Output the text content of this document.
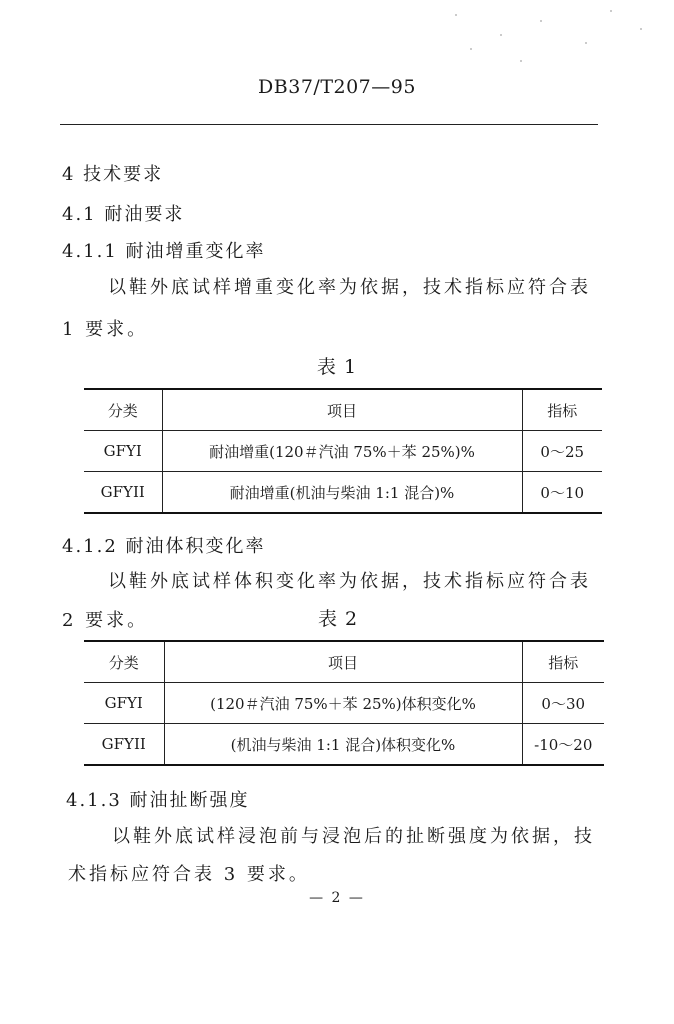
DB37/T207—95
4 技术要求
4.1 耐油要求
4.1.1 耐油增重变化率
以鞋外底试样增重变化率为依据，技术指标应符合表
1 要求。
表 1
分类	项目	指标
GFYI	耐油增重(120＃汽油 75%＋苯 25%)%	0～25
GFYII	耐油增重(机油与柴油 1:1 混合)%	0～10
4.1.2 耐油体积变化率
以鞋外底试样体积变化率为依据，技术指标应符合表
2 要求。	表 2
分类	项目	指标
GFYI	(120＃汽油 75%＋苯 25%)体积变化%	0～30
GFYII	(机油与柴油 1:1 混合)体积变化%	-10～20
4.1.3 耐油扯断强度
以鞋外底试样浸泡前与浸泡后的扯断强度为依据，技
术指标应符合表 3 要求。
— 2 —
